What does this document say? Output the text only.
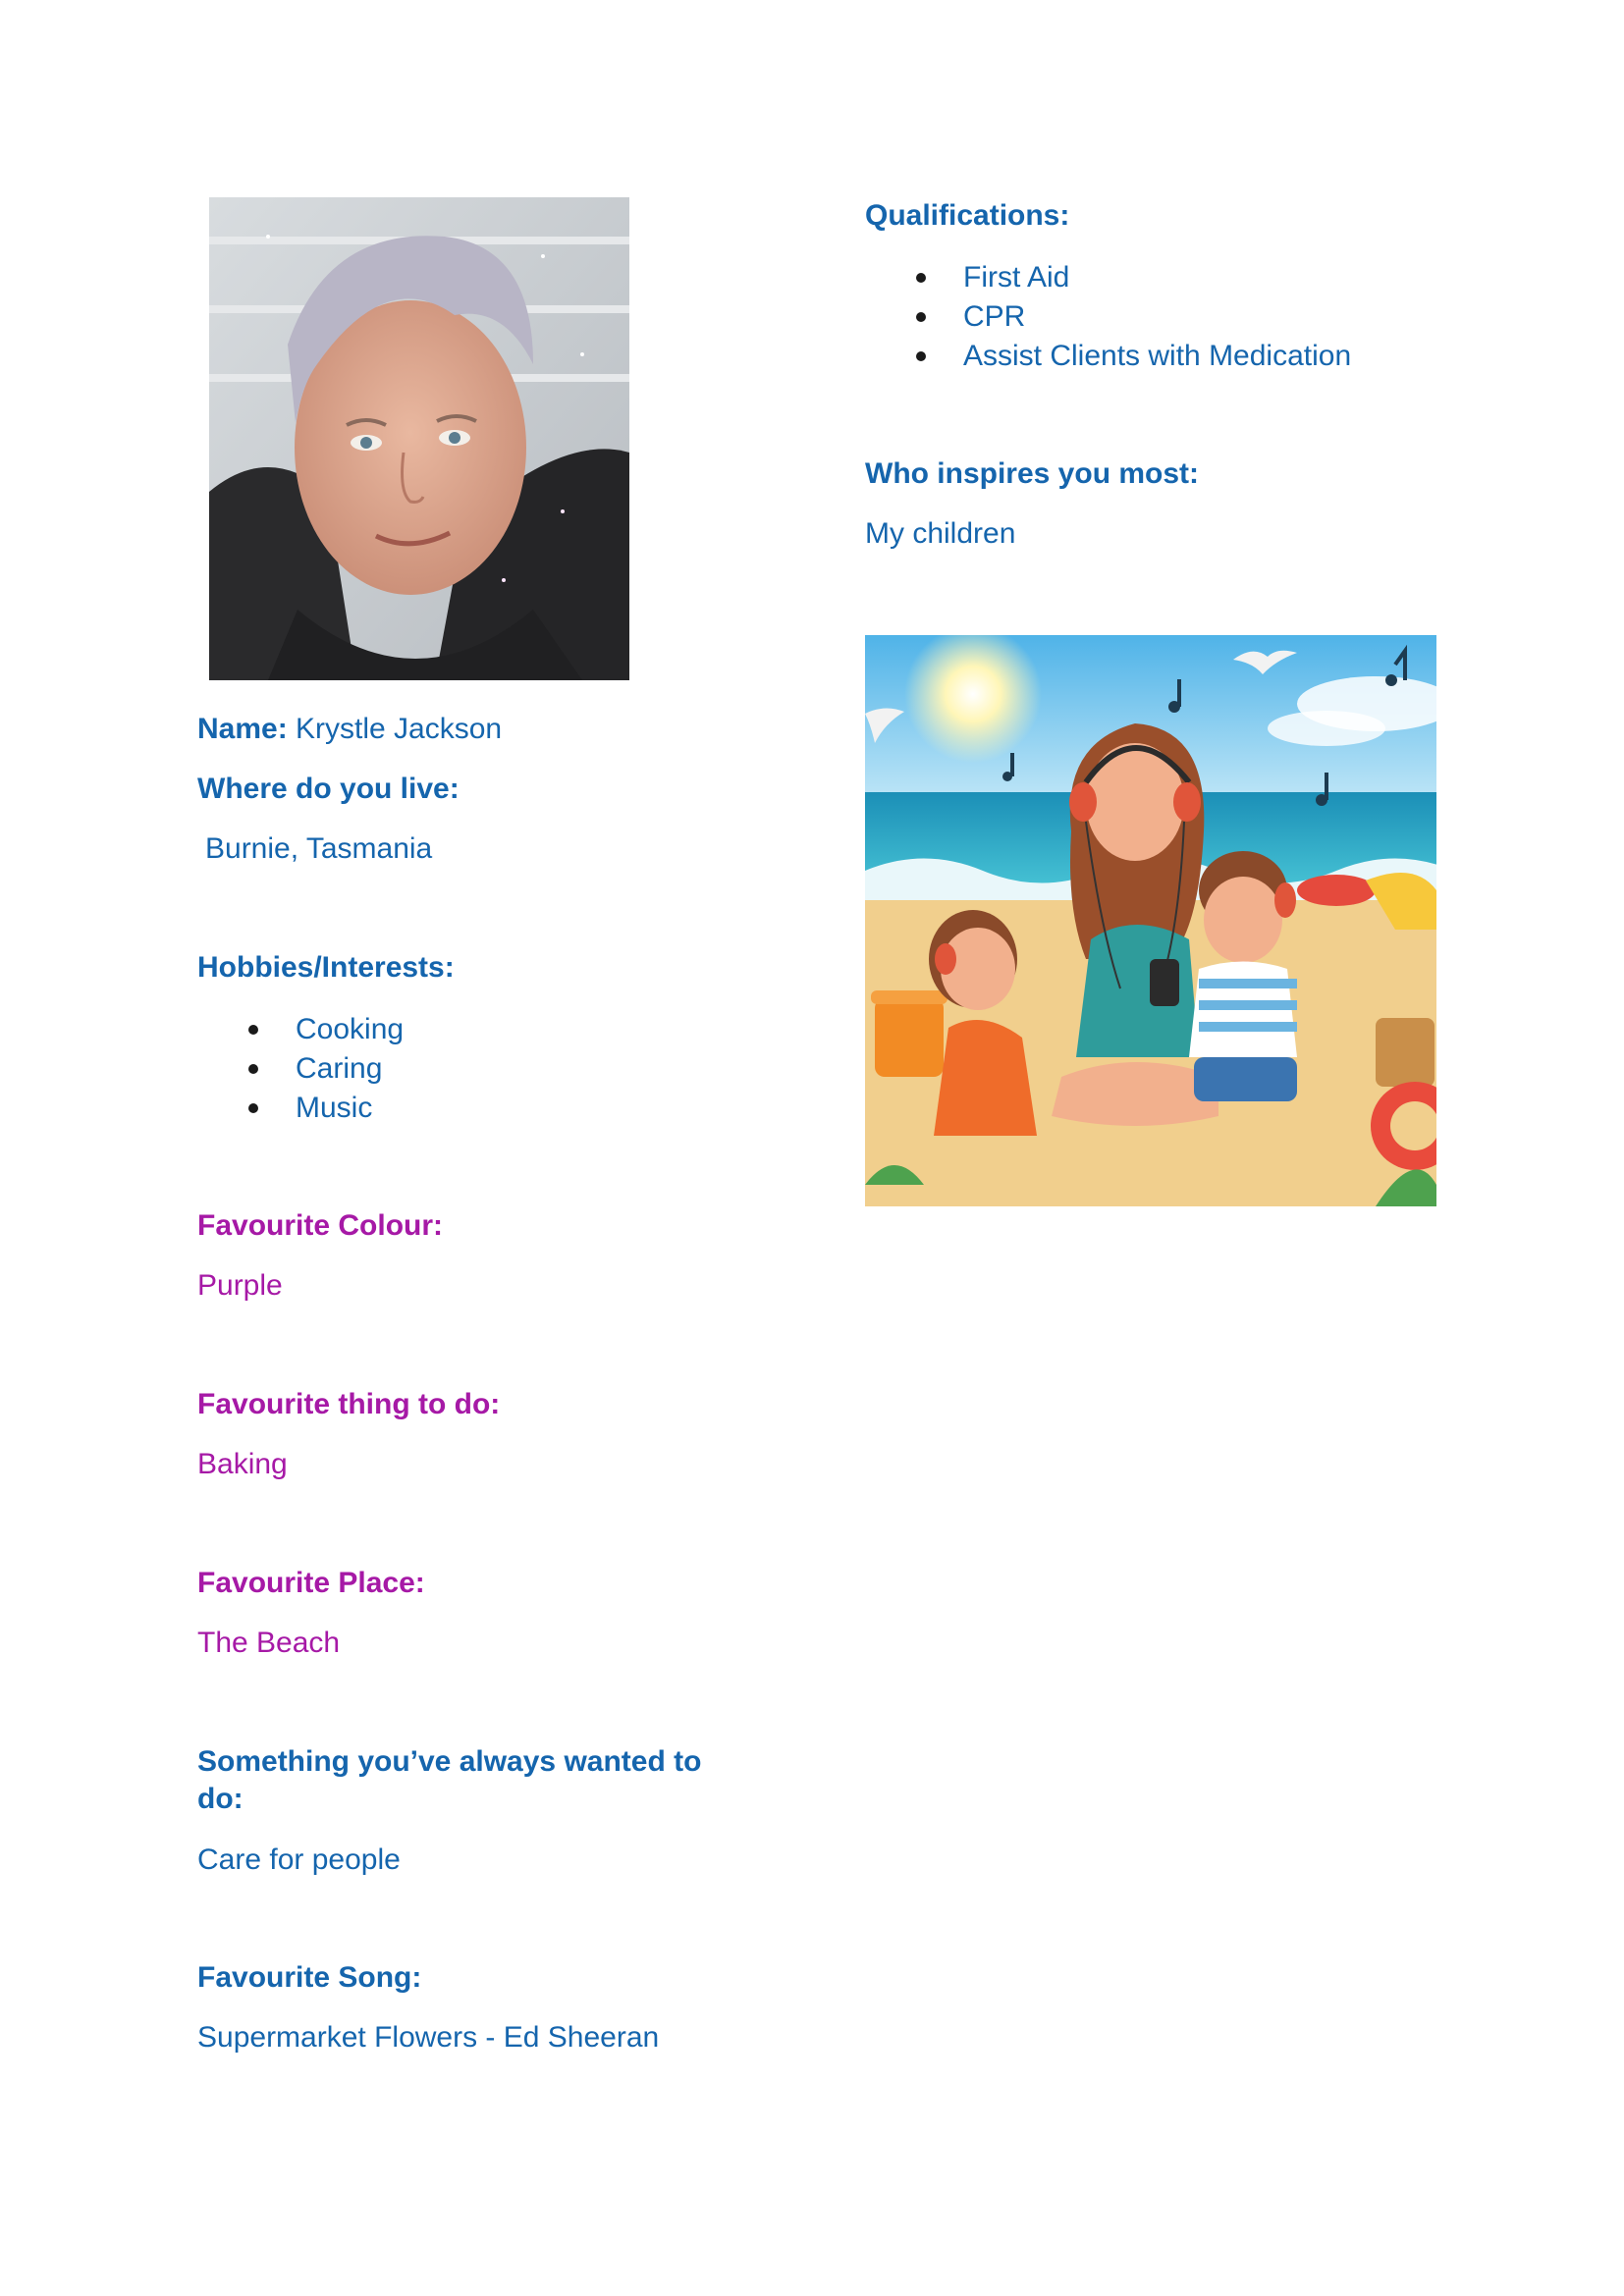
Name: Krystle Jackson
Where do you live:
Burnie, Tasmania
Hobbies/Interests:
Cooking
Caring
Music
Favourite Colour:
Purple
Favourite thing to do:
Baking
Favourite Place:
The Beach
Something you’ve always wanted to do:
Care for people
Favourite Song:
Supermarket Flowers - Ed Sheeran
Qualifications:
First Aid
CPR
Assist Clients with Medication
Who inspires you most:
My children
